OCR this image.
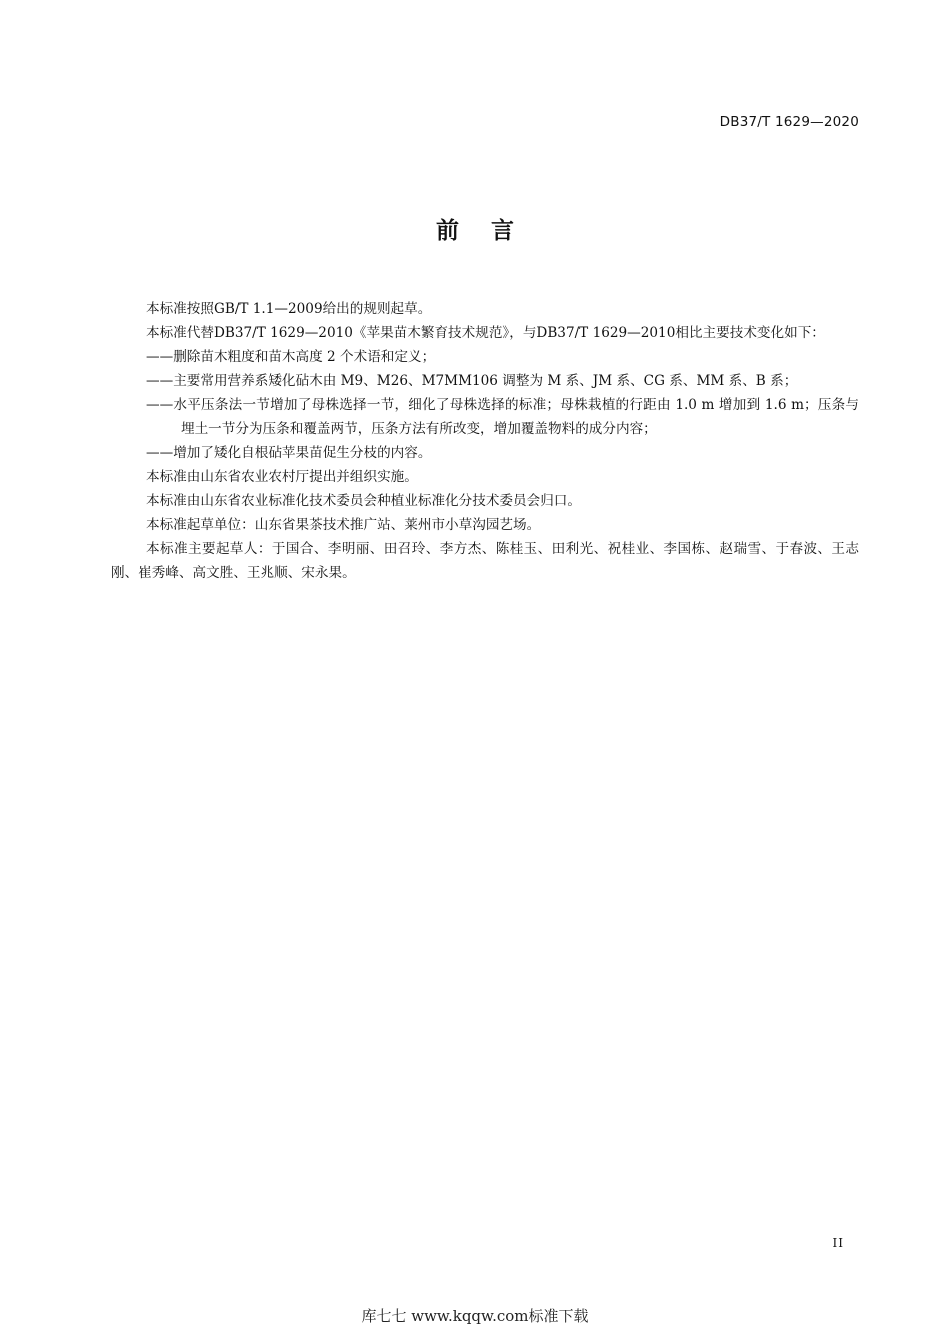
DB37/T 1629—2020
前 言

本标准按照GB/T 1.1—2009给出的规则起草。

本标准代替DB37/T 1629—2010《苹果苗木繁育技术规范》，与DB37/T 1629—2010相比主要技术变化如下：

——删除苗木粗度和苗木高度 2 个术语和定义；

——主要常用营养系矮化砧木由 M9、M26、M7MM106 调整为 M 系、JM 系、CG 系、MM 系、B 系；

——水平压条法一节增加了母株选择一节，细化了母株选择的标准；母株栽植的行距由 1.0 m 增加到 1.6 m；压条与埋土一节分为压条和覆盖两节，压条方法有所改变，增加覆盖物料的成分内容；

——增加了矮化自根砧苹果苗促生分枝的内容。

本标准由山东省农业农村厅提出并组织实施。

本标准由山东省农业标准化技术委员会种植业标准化分技术委员会归口。

本标准起草单位：山东省果茶技术推广站、莱州市小草沟园艺场。

本标准主要起草人：于国合、李明丽、田召玲、李方杰、陈桂玉、田利光、祝桂业、李国栋、赵瑞雪、于春波、王志刚、崔秀峰、高文胜、王兆顺、宋永果。

II
库七七 www.kqqw.com标准下载
